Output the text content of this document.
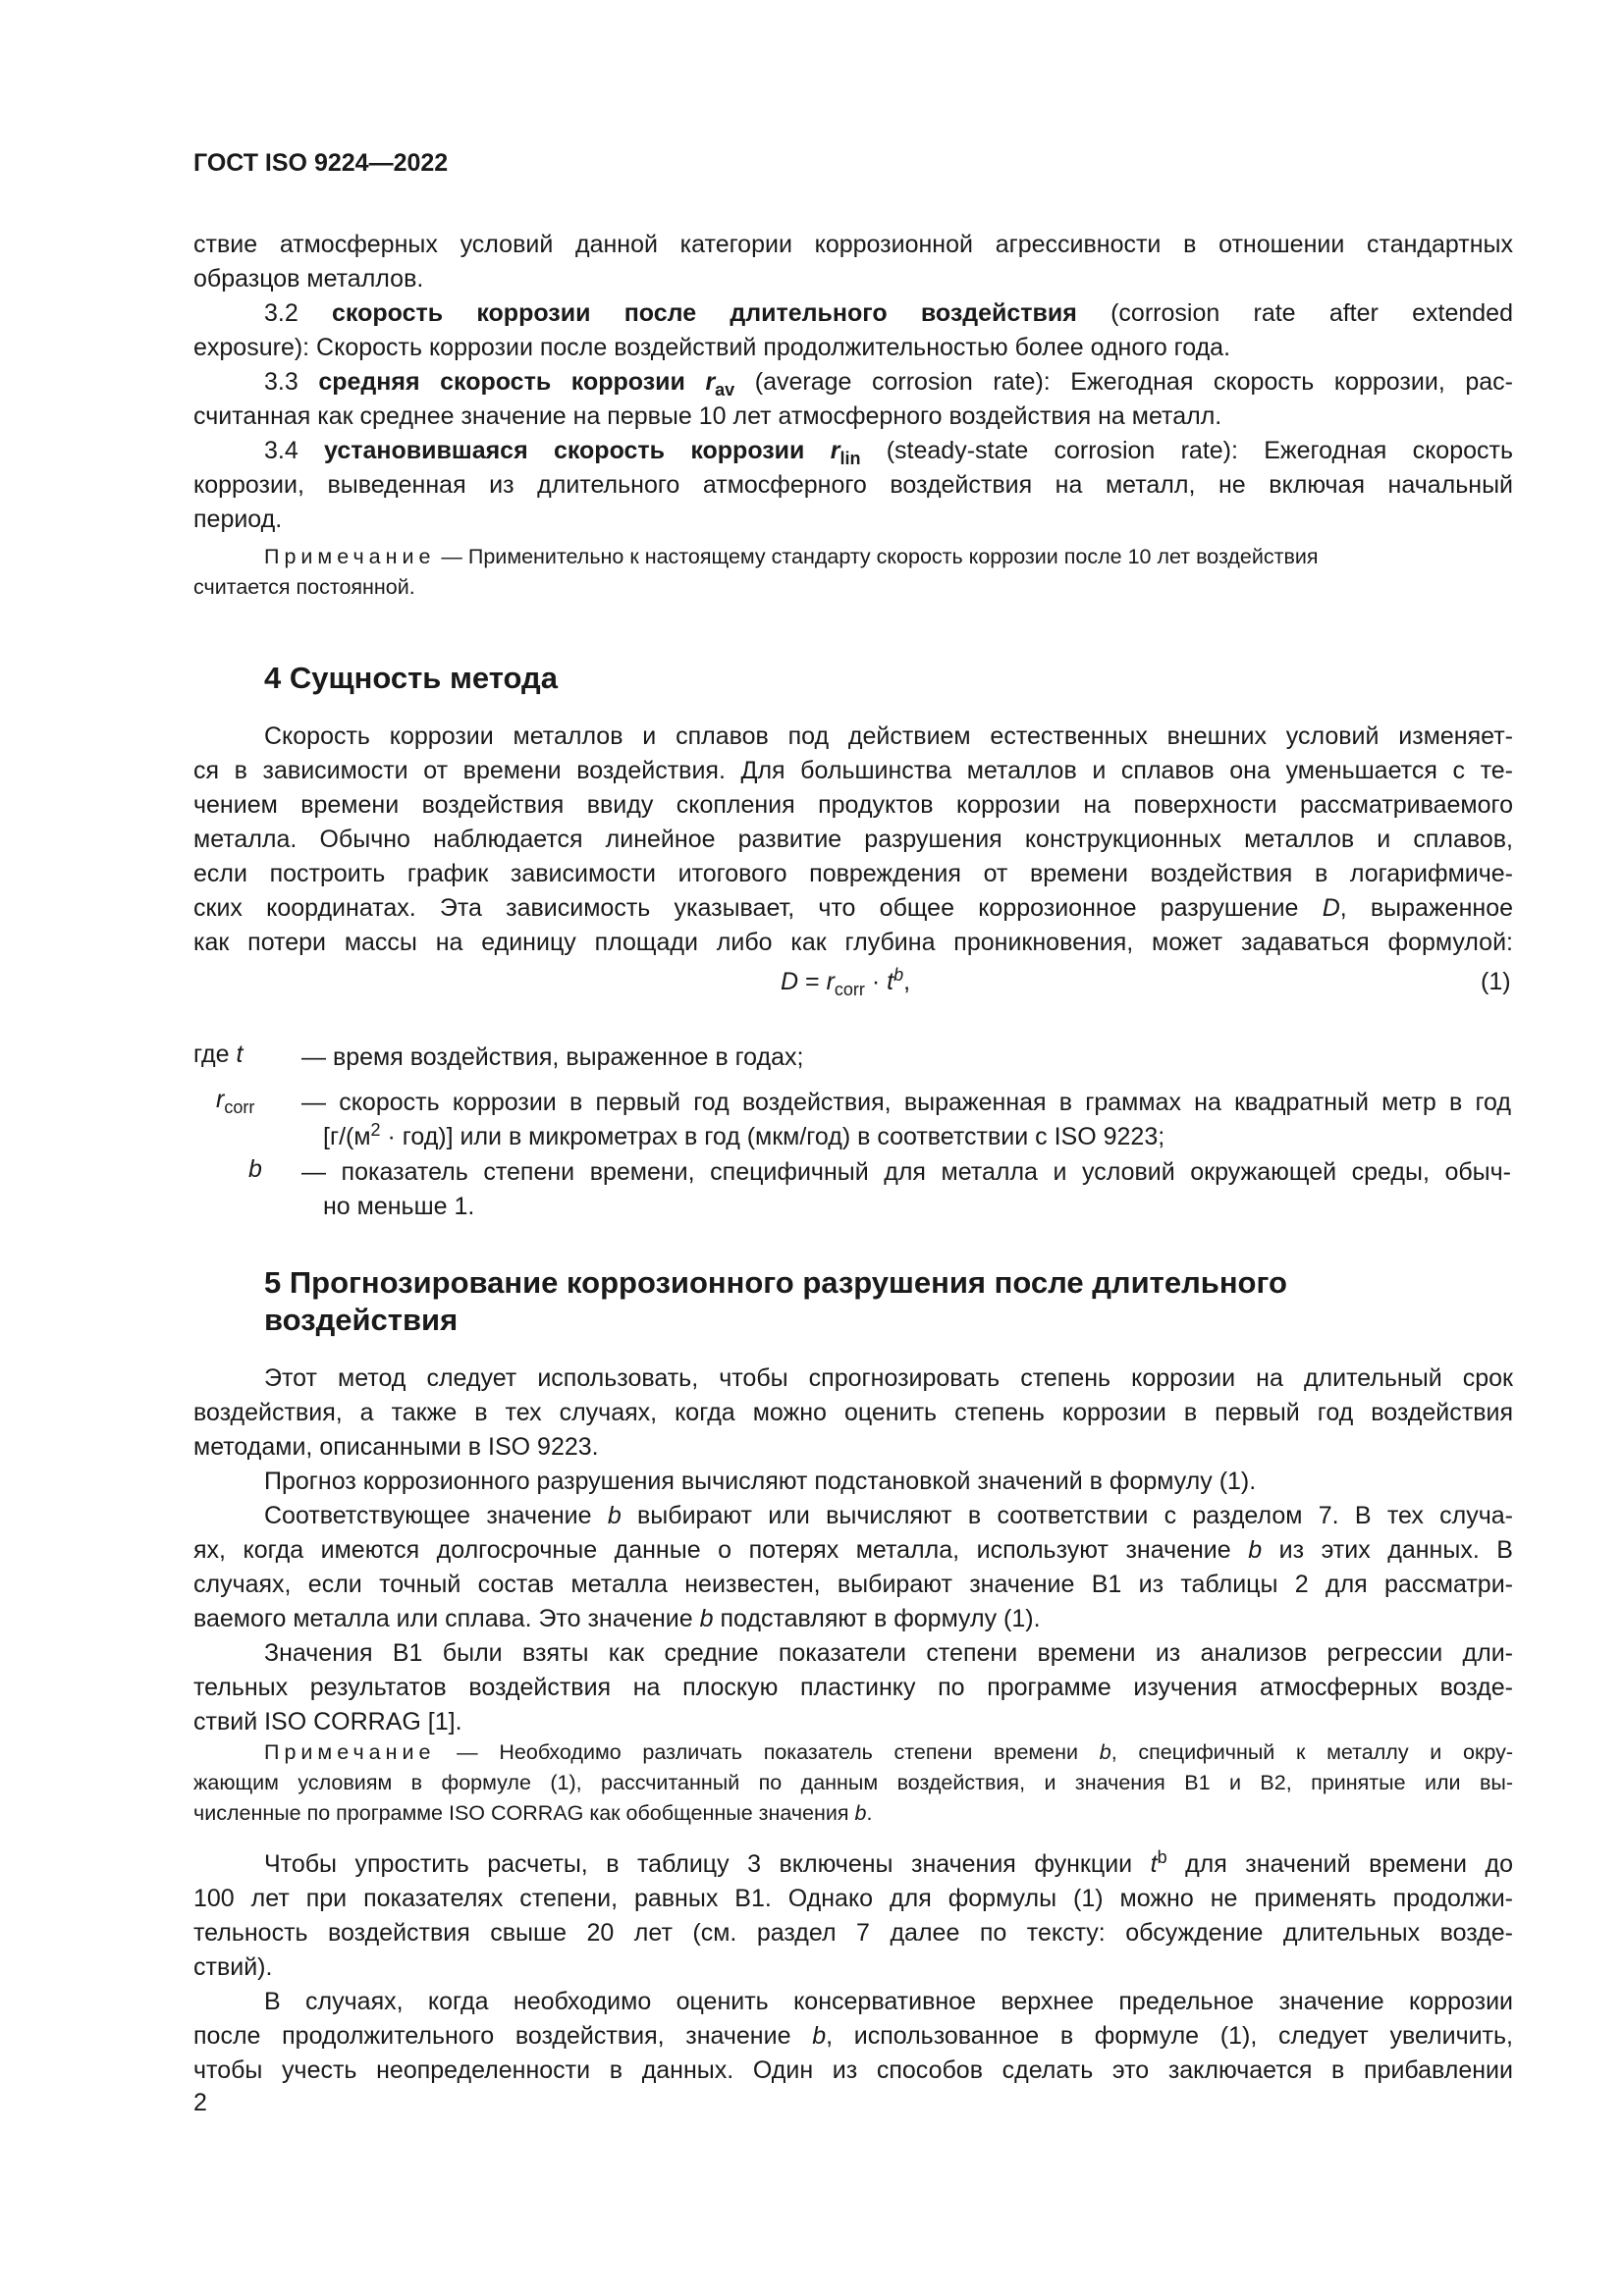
ГОСТ ISO 9224—2022
ствие атмосферных условий данной категории коррозионной агрессивности в отношении стандартных
образцов металлов.
3.2 скорость коррозии после длительного воздействия (corrosion rate after extended
exposure): Скорость коррозии после воздействий продолжительностью более одного года.
3.3 средняя скорость коррозии $r_{av}$ (average corrosion rate): Ежегодная скорость коррозии, рас-
считанная как среднее значение на первые 10 лет атмосферного воздействия на металл.
3.4 установившаяся скорость коррозии $r_{lin}$ (steady-state corrosion rate): Ежегодная скорость
коррозии, выведенная из длительного атмосферного воздействия на металл, не включая начальный
период.
Примечание — Применительно к настоящему стандарту скорость коррозии после 10 лет воздействия
считается постоянной.
4 Сущность метода
Скорость коррозии металлов и сплавов под действием естественных внешних условий изменяет-
ся в зависимости от времени воздействия. Для большинства металлов и сплавов она уменьшается с те-
чением времени воздействия ввиду скопления продуктов коррозии на поверхности рассматриваемого
металла. Обычно наблюдается линейное развитие разрушения конструкционных металлов и сплавов,
если построить график зависимости итогового повреждения от времени воздействия в логарифмиче-
ских координатах. Эта зависимость указывает, что общее коррозионное разрушение D, выраженное
как потери массы на единицу площади либо как глубина проникновения, может задаваться формулой:
$D = r_{corr} \cdot t^b$,	(1)
где t — время воздействия, выраженное в годах;
$r_{corr}$ — скорость коррозии в первый год воздействия, выраженная в граммах на квадратный метр в год
$[г/(м^2 \cdot год)]$ или в микрометрах в год (мкм/год) в соответствии с ISO 9223;
b — показатель степени времени, специфичный для металла и условий окружающей среды, обыч-
но меньше 1.
5 Прогнозирование коррозионного разрушения после длительного
воздействия
Этот метод следует использовать, чтобы спрогнозировать степень коррозии на длительный срок
воздействия, а также в тех случаях, когда можно оценить степень коррозии в первый год воздействия
методами, описанными в ISO 9223.
Прогноз коррозионного разрушения вычисляют подстановкой значений в формулу (1).
Соответствующее значение b выбирают или вычисляют в соответствии с разделом 7. В тех случа-
ях, когда имеются долгосрочные данные о потерях металла, используют значение b из этих данных. В
случаях, если точный состав металла неизвестен, выбирают значение B1 из таблицы 2 для рассматри-
ваемого металла или сплава. Это значение b подставляют в формулу (1).
Значения B1 были взяты как средние показатели степени времени из анализов регрессии дли-
тельных результатов воздействия на плоскую пластинку по программе изучения атмосферных возде-
ствий ISO CORRAG [1].
Примечание — Необходимо различать показатель степени времени b, специфичный к металлу и окру-
жающим условиям в формуле (1), рассчитанный по данным воздействия, и значения B1 и B2, принятые или вы-
численные по программе ISO CORRAG как обобщенные значения b.
Чтобы упростить расчеты, в таблицу 3 включены значения функции $t^b$ для значений времени до
100 лет при показателях степени, равных B1. Однако для формулы (1) можно не применять продолжи-
тельность воздействия свыше 20 лет (см. раздел 7 далее по тексту: обсуждение длительных возде-
ствий).
В случаях, когда необходимо оценить консервативное верхнее предельное значение коррозии
после продолжительного воздействия, значение b, использованное в формуле (1), следует увеличить,
чтобы учесть неопределенности в данных. Один из способов сделать это заключается в прибавлении
2
